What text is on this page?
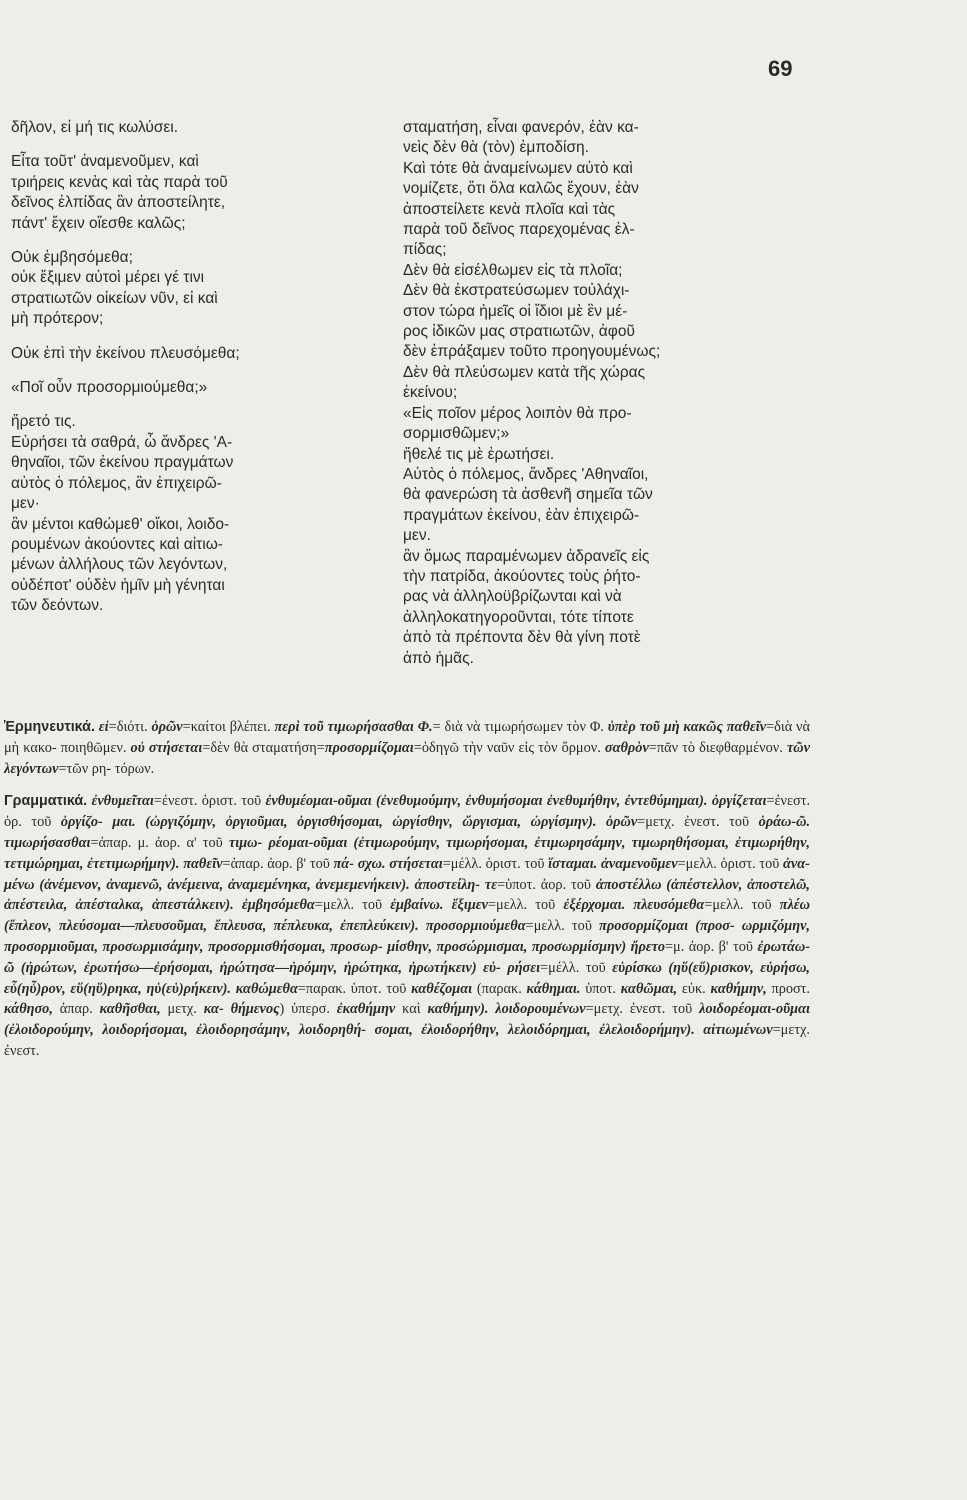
69

δῆλον, εἰ μή τις κωλύσει.

Εἶτα τοῦτ' ἀναμενοῦμεν, καὶ
τριήρεις κενὰς καὶ τὰς παρὰ τοῦ
δεῖνος ἐλπίδας ἂν ἀποστείλητε,
πάντ' ἔχειν οἴεσθε καλῶς;

Οὐκ ἐμβησόμεθα;
οὐκ ἔξιμεν αὐτοὶ μέρει γέ τινι
στρατιωτῶν οἰκείων νῦν, εἰ καὶ
μὴ πρότερον;

Οὐκ ἐπὶ τὴν ἐκείνου πλευσόμεθα;

«Ποῖ οὖν προσορμιούμεθα;»

ἤρετό τις.
Εὑρήσει τὰ σαθρά, ὦ ἄνδρες 'Α-
θηναῖοι, τῶν ἐκείνου πραγμάτων
αὐτὸς ὁ πόλεμος, ἂν ἐπιχειρῶ-
μεν·
ἂν μέντοι καθώμεθ' οἴκοι, λοιδο-
ρουμένων ἀκούοντες καὶ αἰτιω-
μένων ἀλλήλους τῶν λεγόντων,
οὐδέποτ' οὐδὲν ἡμῖν μὴ γένηται
τῶν δεόντων.

σταματήση, εἶναι φανερόν, ἐὰν κα-
νεὶς δὲν θὰ (τὸν) ἐμποδίση.
Καὶ τότε θὰ ἀναμείνωμεν αὐτὸ καὶ
νομίζετε, ὅτι ὅλα καλῶς ἔχουν, ἐὰν
ἀποστείλετε κενὰ πλοῖα καὶ τὰς
παρὰ τοῦ δεῖνος παρεχομένας ἐλ-
πίδας;
Δὲν θὰ εἰσέλθωμεν εἰς τὰ πλοῖα;
Δὲν θὰ ἐκστρατεύσωμεν τοὐλάχι-
στον τώρα ἡμεῖς οἱ ἴδιοι μὲ ἓν μέ-
ρος ἰδικῶν μας στρατιωτῶν, ἀφοῦ
δὲν ἐπράξαμεν τοῦτο προηγουμένως;
Δὲν θὰ πλεύσωμεν κατὰ τῆς χώρας
ἐκείνου;
«Εἰς ποῖον μέρος λοιπὸν θὰ προ-
σορμισθῶμεν;»
ἤθελέ τις μὲ ἐρωτήσει.
Αὐτὸς ὁ πόλεμος, ἄνδρες 'Αθηναῖοι,
θὰ φανερώση τὰ ἀσθενῆ σημεῖα τῶν
πραγμάτων ἐκείνου, ἐὰν ἐπιχειρῶ-
μεν.
ἂν ὅμως παραμένωμεν ἀδρανεῖς εἰς
τὴν πατρίδα, ἀκούοντες τοὺς ῥήτο-
ρας νὰ ἀλληλοϋβρίζωνται καὶ νὰ
ἀλληλοκατηγοροῦνται, τότε τίποτε
ἀπὸ τὰ πρέποντα δὲν θὰ γίνη ποτὲ
ἀπὸ ἡμᾶς.

Ἑρμηνευτικά. εἰ=διότι. ὁρῶν=καίτοι βλέπει. περὶ τοῦ τιμωρήσασθαι Φ.= διὰ νὰ τιμωρήσωμεν τὸν Φ. ὑπὲρ τοῦ μὴ κακῶς παθεῖν=διὰ νὰ μὴ κακο- ποιηθῶμεν. οὐ στήσεται=δὲν θὰ σταματήση=προσορμίζομαι=ὁδηγῶ τὴν ναῦν εἰς τὸν ὅρμον. σαθρὸν=πᾶν τὸ διεφθαρμένον. τῶν λεγόντων=τῶν ρη- τόρων.

Γραμματικά. ἐνθυμεῖται=ἐνεστ. ὁριστ. τοῦ ἐνθυμέομαι-οῦμαι (ἐνεθυμούμην, ἐνθυμήσομαι ἐνεθυμήθην, ἐντεθύμημαι). ὀργίζεται=ἐνεστ. ὁρ. τοῦ ὀργίζο- μαι. (ὠργιζόμην, ὀργιοῦμαι, ὀργισθήσομαι, ὠργίσθην, ὤργισμαι, ὠργίσμην). ὁρῶν=μετχ. ἐνεστ. τοῦ ὁράω-ῶ. τιμωρήσασθαι=ἀπαρ. μ. ἀορ. α' τοῦ τιμω- ρέομαι-οῦμαι (ἐτιμωρούμην, τιμωρήσομαι, ἐτιμωρησάμην, τιμωρηθήσομαι, ἐτιμωρήθην, τετιμώρημαι, ἐτετιμωρήμην). παθεῖν=ἀπαρ. ἀορ. β' τοῦ πά- σχω. στήσεται=μέλλ. ὁριστ. τοῦ ἵσταμαι. ἀναμενοῦμεν=μελλ. ὁριστ. τοῦ ἀνα- μένω (ἀνέμενον, ἀναμενῶ, ἀνέμεινα, ἀναμεμένηκα, ἀνεμεμενήκειν). ἀποστείλη- τε=ὑποτ. ἀορ. τοῦ ἀποστέλλω (ἀπέστελλον, ἀποστελῶ, ἀπέστειλα, ἀπέσταλκα, ἀπεστάλκειν). ἐμβησόμεθα=μελλ. τοῦ ἐμβαίνω. ἔξιμεν=μελλ. τοῦ ἐξέρχομαι. πλευσόμεθα=μελλ. τοῦ πλέω (ἔπλεον, πλεύσομαι—πλευσοῦμαι, ἔπλευσα, πέπλευκα, ἐπεπλεύκειν). προσορμιούμεθα=μελλ. τοῦ προσορμίζομαι (προσ- ωρμιζόμην, προσορμιοῦμαι, προσωρμισάμην, προσορμισθήσομαι, προσωρ- μίσθην, προσώρμισμαι, προσωρμίσμην) ἤρετο=μ. ἀορ. β' τοῦ ἐρωτάω-ῶ (ἠρώτων, ἐρωτήσω—ἐρήσομαι, ἠρώτησα—ἠρόμην, ἠρώτηκα, ἠρωτήκειν) εὑ- ρήσει=μέλλ. τοῦ εὑρίσκω (ηὕ(εὕ)ρισκον, εὑρήσω, εὗ(ηὗ)ρον, εὕ(ηὕ)ρηκα, ηὑ(εὑ)ρήκειν). καθώμεθα=παρακ. ὑποτ. τοῦ καθέζομαι (παρακ. κάθημαι. ὑποτ. καθῶμαι, εὐκ. καθήμην, προστ. κάθησο, ἀπαρ. καθῆσθαι, μετχ. κα- θήμενος) ὑπερσ. ἐκαθήμην καὶ καθήμην). λοιδορουμένων=μετχ. ἐνεστ. τοῦ λοιδορέομαι-οῦμαι (ἐλοιδορούμην, λοιδορήσομαι, ἐλοιδορησάμην, λοιδορηθή- σομαι, ἐλοιδορήθην, λελοιδόρημαι, ἐλελοιδορήμην). αἰτιωμένων=μετχ. ἐνεστ.
